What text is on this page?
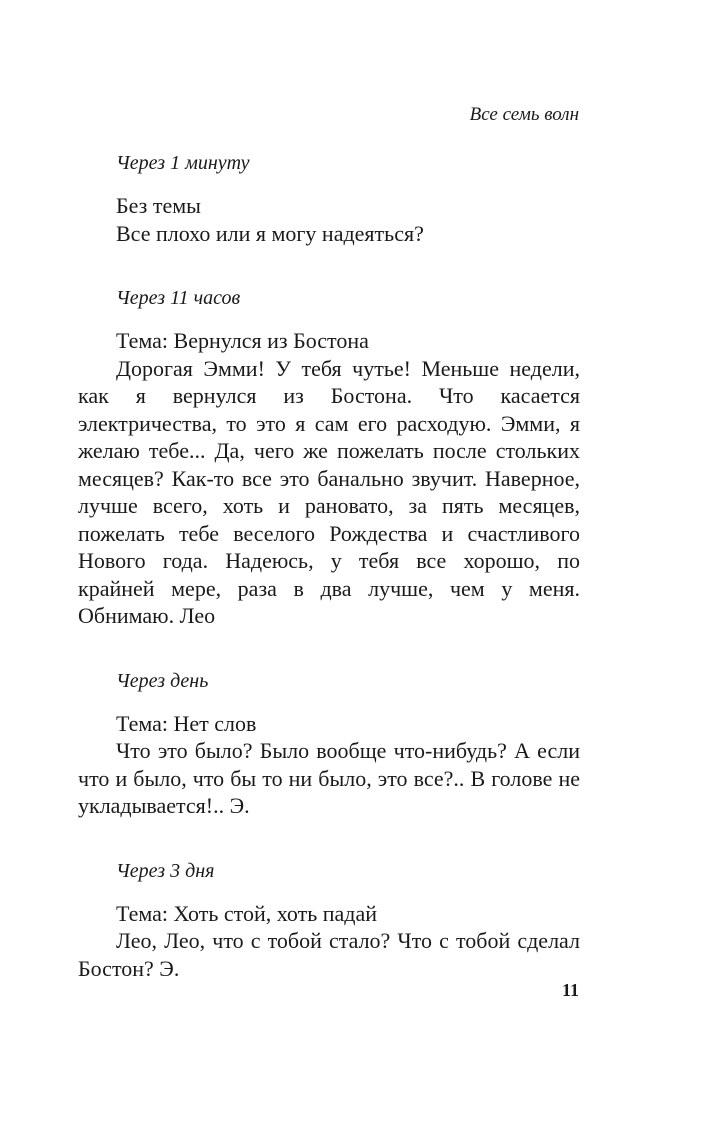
Все семь волн
Через 1 минуту

Без темы

Все плохо или я могу надеяться?

Через 11 часов

Тема: Вернулся из Бостона

Дорогая Эмми! У тебя чутье! Меньше недели, как я вернулся из Бостона. Что касается электричества, то это я сам его расходую. Эмми, я желаю тебе... Да, чего же пожелать после стольких месяцев? Как-то все это банально звучит. Наверное, лучше всего, хоть и рановато, за пять месяцев, пожелать тебе веселого Рождества и счастливого Нового года. Надеюсь, у тебя все хорошо, по крайней мере, раза в два лучше, чем у меня. Обнимаю. Лео

Через день

Тема: Нет слов

Что это было? Было вообще что-нибудь? А если что и было, что бы то ни было, это все?.. В голове не укладывается!.. Э.

Через 3 дня

Тема: Хоть стой, хоть падай

Лео, Лео, что с тобой стало? Что с тобой сделал Бостон? Э.

11
